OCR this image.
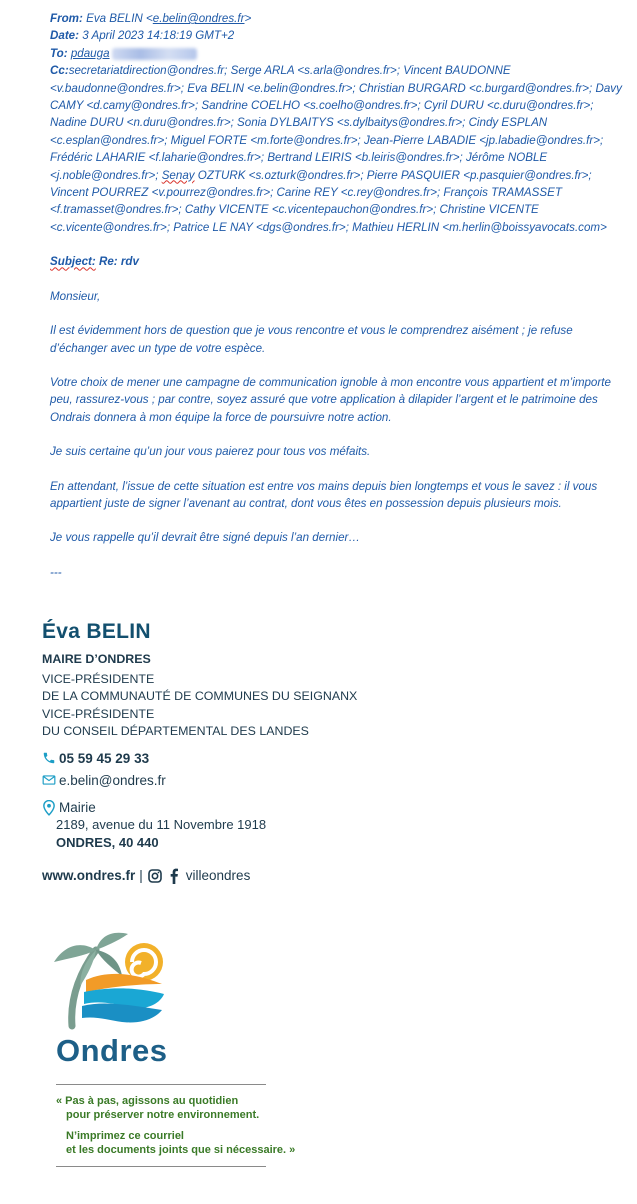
From: Eva BELIN <e.belin@ondres.fr>

Date: 3 April 2023 14:18:19 GMT+2

To: pdauga

Cc:secretariatdirection@ondres.fr; Serge ARLA <s.arla@ondres.fr>; Vincent BAUDONNE <v.baudonne@ondres.fr>; Eva BELIN <e.belin@ondres.fr>; Christian BURGARD <c.burgard@ondres.fr>; Davy CAMY <d.camy@ondres.fr>; Sandrine COELHO <s.coelho@ondres.fr>; Cyril DURU <c.duru@ondres.fr>; Nadine DURU <n.duru@ondres.fr>; Sonia DYLBAITYS <s.dylbaitys@ondres.fr>; Cindy ESPLAN <c.esplan@ondres.fr>; Miguel FORTE <m.forte@ondres.fr>; Jean-Pierre LABADIE <jp.labadie@ondres.fr>; Frédéric LAHARIE <f.laharie@ondres.fr>; Bertrand LEIRIS <b.leiris@ondres.fr>; Jérôme NOBLE <j.noble@ondres.fr>; Senay OZTURK <s.ozturk@ondres.fr>; Pierre PASQUIER <p.pasquier@ondres.fr>; Vincent POURREZ <v.pourrez@ondres.fr>; Carine REY <c.rey@ondres.fr>; François TRAMASSET <f.tramasset@ondres.fr>; Cathy VICENTE <c.vicentepauchon@ondres.fr>; Christine VICENTE <c.vicente@ondres.fr>; Patrice LE NAY <dgs@ondres.fr>; Mathieu HERLIN <m.herlin@boissyavocats.com>

Subject: Re: rdv

Monsieur,

Il est évidemment hors de question que je vous rencontre et vous le comprendrez aisément ; je refuse d’échanger avec un type de votre espèce.

Votre choix de mener une campagne de communication ignoble à mon encontre vous appartient et m’importe peu, rassurez-vous ; par contre, soyez assuré que votre application à dilapider l’argent et le patrimoine des Ondrais donnera à mon équipe la force de poursuivre notre action.

Je suis certaine qu’un jour vous paierez pour tous vos méfaits.

En attendant, l’issue de cette situation est entre vos mains depuis bien longtemps et vous le savez : il vous appartient juste de signer l’avenant au contrat, dont vous êtes en possession depuis plusieurs mois.

Je vous rappelle qu’il devrait être signé depuis l’an dernier…

---

Éva BELIN
MAIRE D’ONDRES
VICE-PRÉSIDENTE
DE LA COMMUNAUTÉ DE COMMUNES DU SEIGNANX
VICE-PRÉSIDENTE
DU CONSEIL DÉPARTEMENTAL DES LANDES
05 59 45 29 33
e.belin@ondres.fr
Mairie
2189, avenue du 11 Novembre 1918
ONDRES, 40 440
www.ondres.fr |	villeondres
Ondres
« Pas à pas, agissons au quotidien
pour préserver notre environnement.
N’imprimez ce courriel
et les documents joints que si nécessaire. »
